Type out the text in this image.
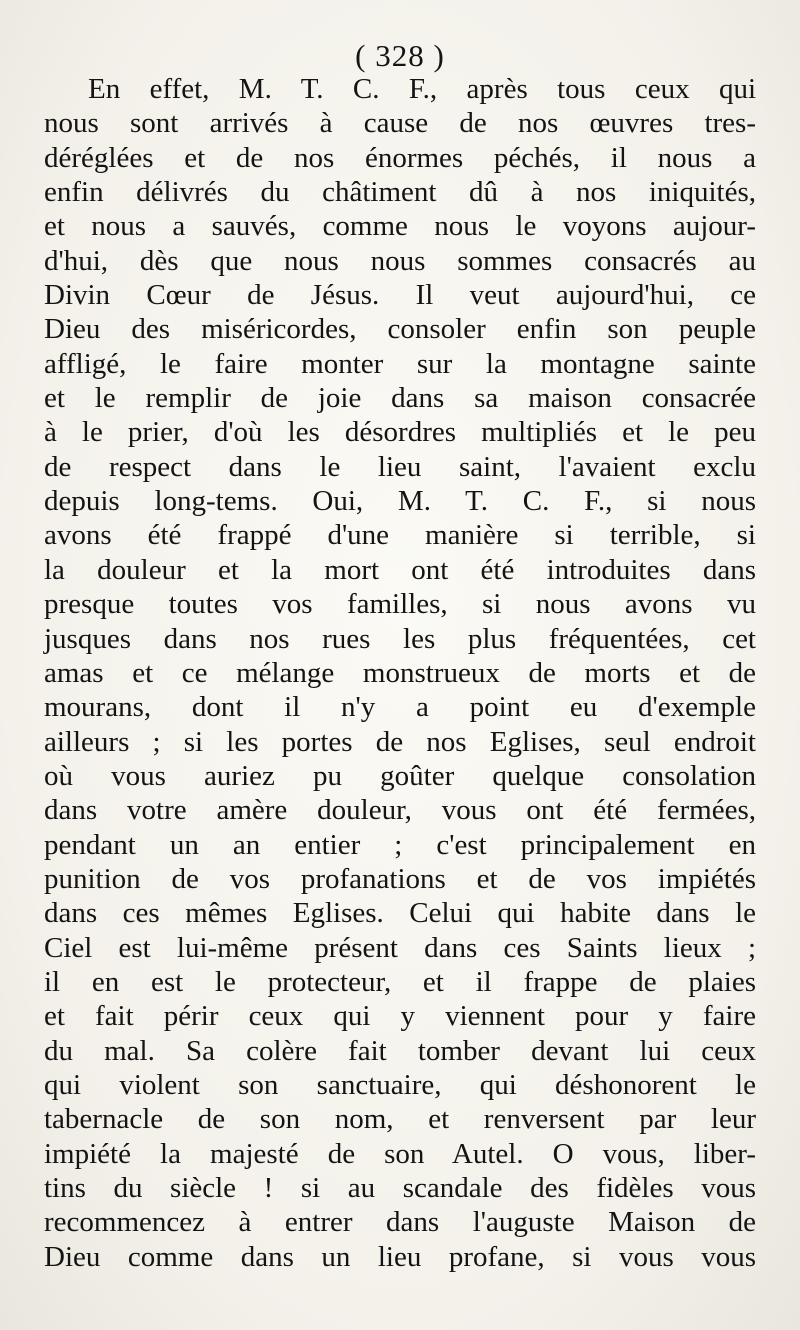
( 328 )
En effet, M. T. C. F., après tous ceux qui
nous sont arrivés à cause de nos œuvres tres-
déréglées et de nos énormes péchés, il nous a
enfin délivrés du châtiment dû à nos iniquités,
et nous a sauvés, comme nous le voyons aujour-
d'hui, dès que nous nous sommes consacrés au
Divin Cœur de Jésus. Il veut aujourd'hui, ce
Dieu des miséricordes, consoler enfin son peuple
affligé, le faire monter sur la montagne sainte
et le remplir de joie dans sa maison consacrée
à le prier, d'où les désordres multipliés et le peu
de respect dans le lieu saint, l'avaient exclu
depuis long-tems. Oui, M. T. C. F., si nous
avons été frappé d'une manière si terrible, si
la douleur et la mort ont été introduites dans
presque toutes vos familles, si nous avons vu
jusques dans nos rues les plus fréquentées, cet
amas et ce mélange monstrueux de morts et de
mourans, dont il n'y a point eu d'exemple
ailleurs ; si les portes de nos Eglises, seul endroit
où vous auriez pu goûter quelque consolation
dans votre amère douleur, vous ont été fermées,
pendant un an entier ; c'est principalement en
punition de vos profanations et de vos impiétés
dans ces mêmes Eglises. Celui qui habite dans le
Ciel est lui-même présent dans ces Saints lieux ;
il en est le protecteur, et il frappe de plaies
et fait périr ceux qui y viennent pour y faire
du mal. Sa colère fait tomber devant lui ceux
qui violent son sanctuaire, qui déshonorent le
tabernacle de son nom, et renversent par leur
impiété la majesté de son Autel. O vous, liber-
tins du siècle ! si au scandale des fidèles vous
recommencez à entrer dans l'auguste Maison de
Dieu comme dans un lieu profane, si vous vous
